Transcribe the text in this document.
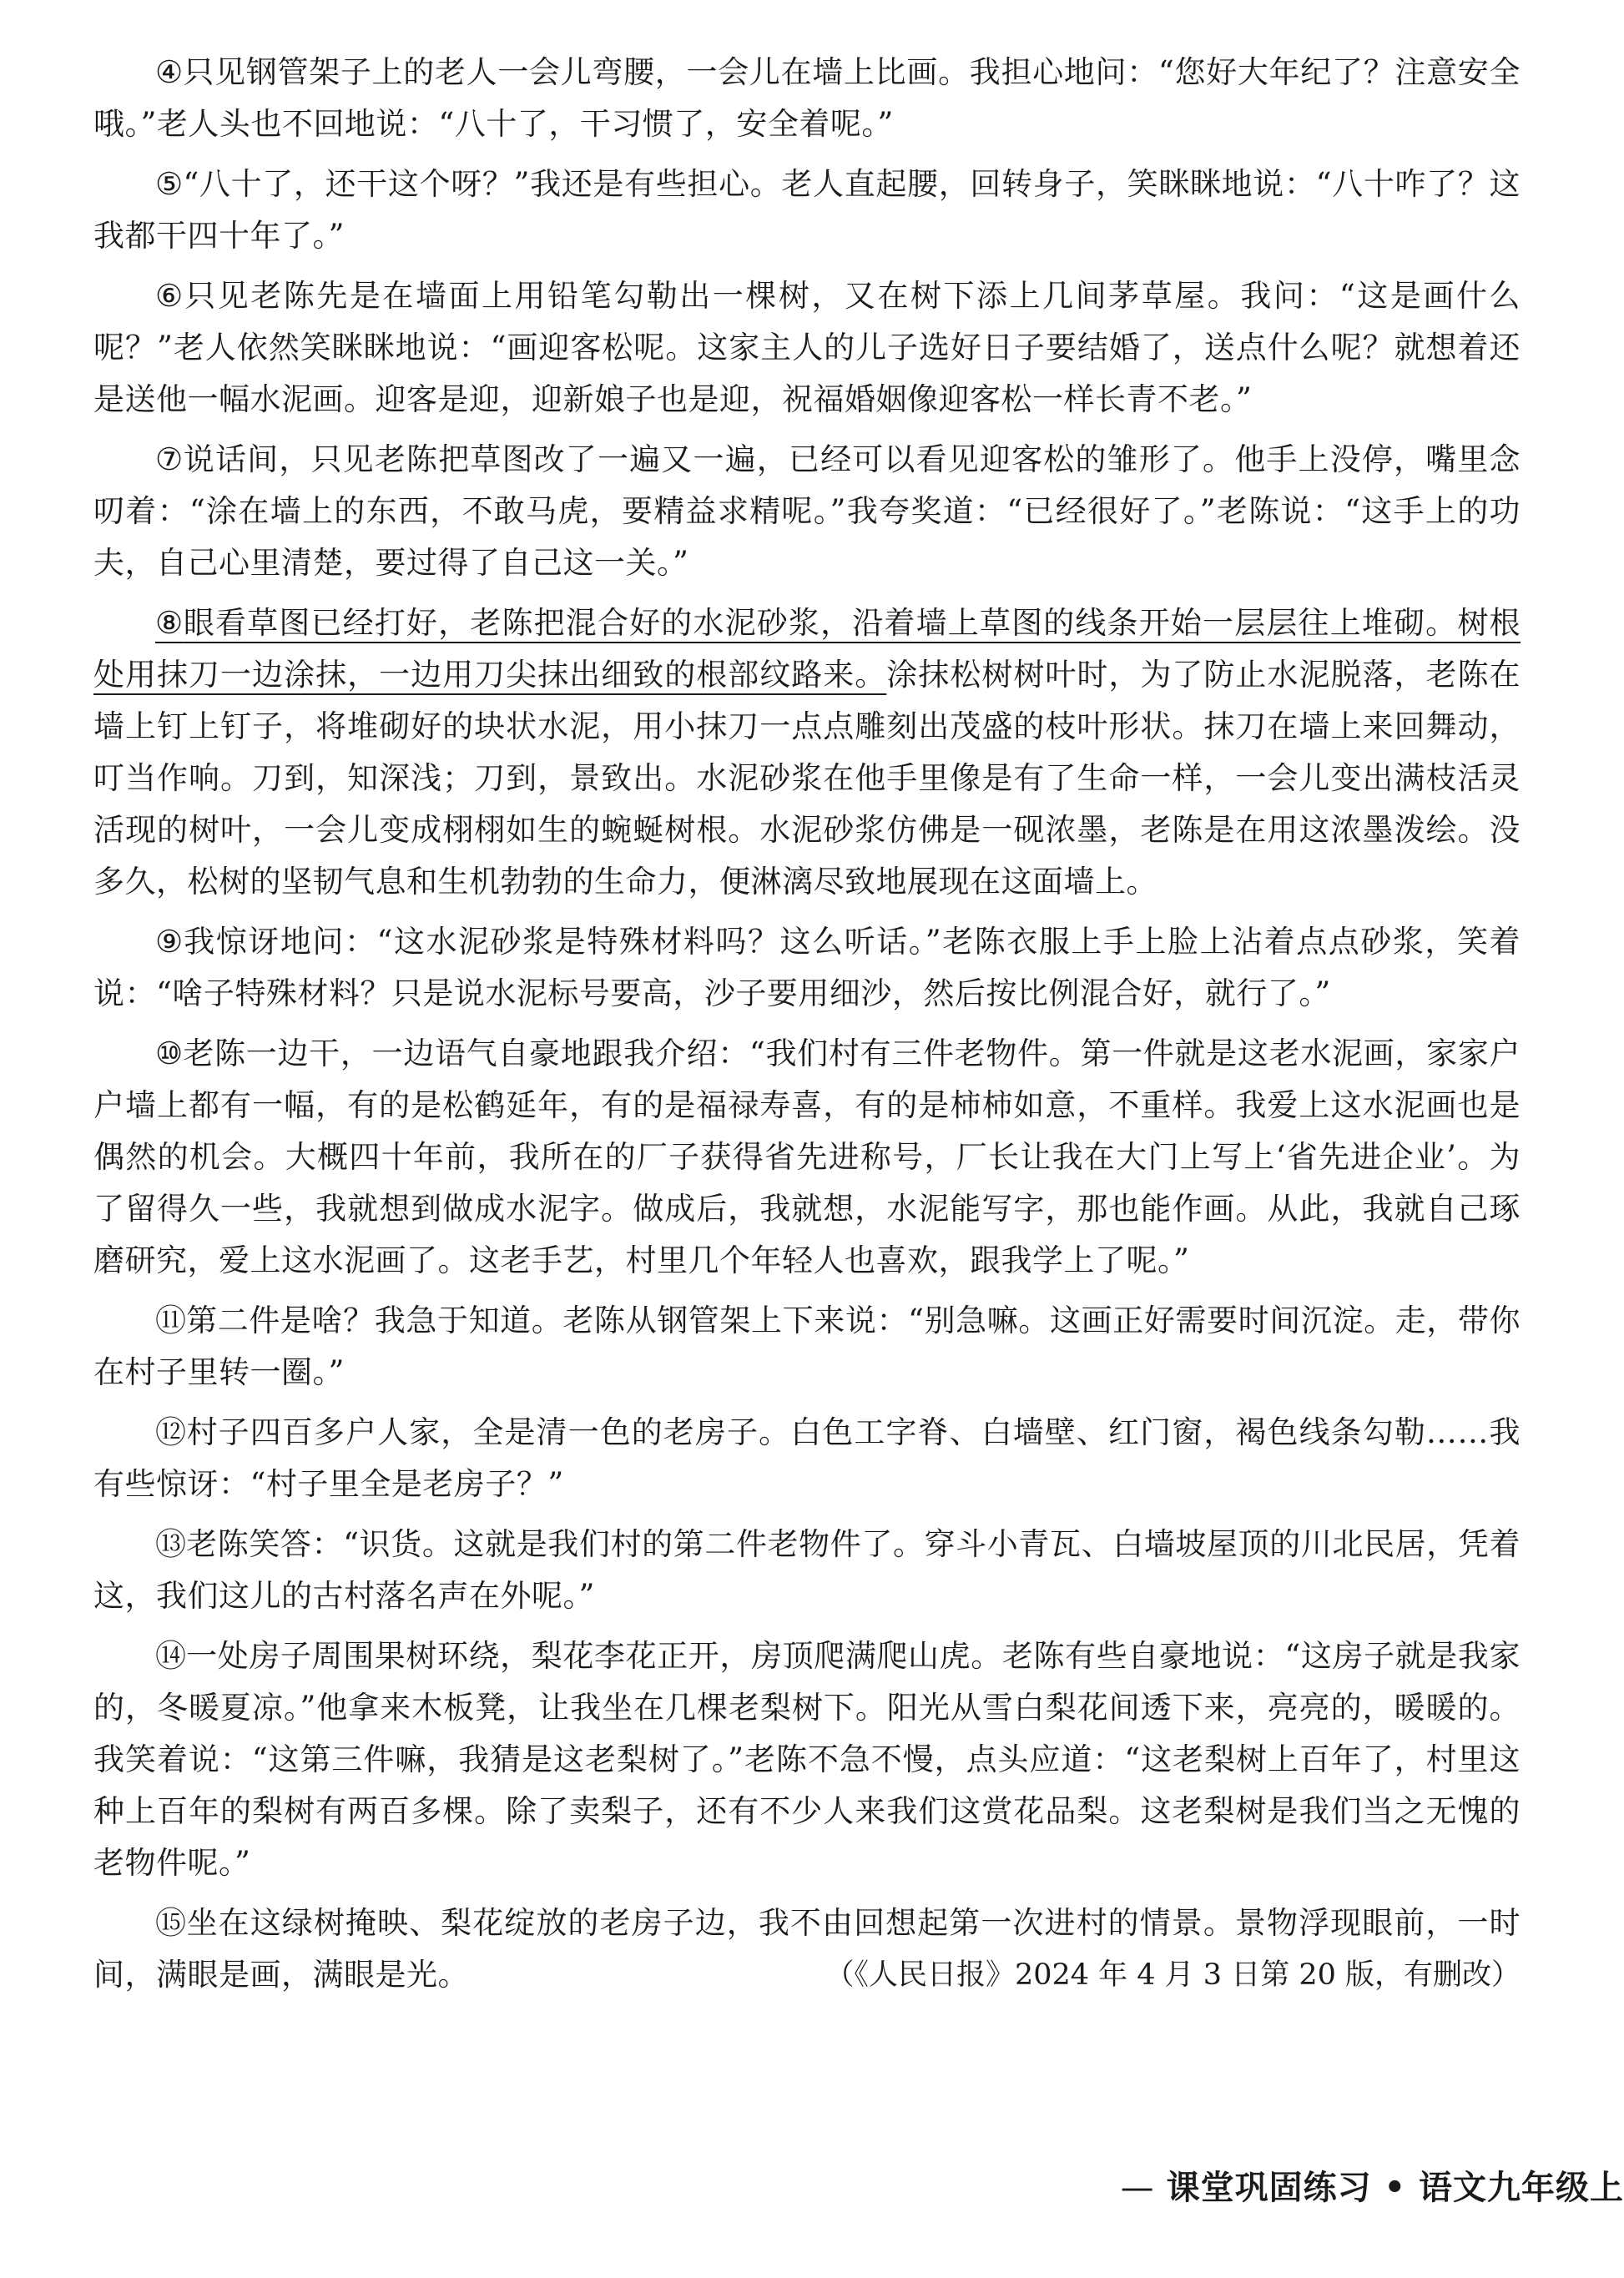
④只见钢管架子上的老人一会儿弯腰，一会儿在墙上比画。我担心地问：“您好大年纪了？注意安全哦。”老人头也不回地说：“八十了，干习惯了，安全着呢。”

⑤“八十了，还干这个呀？”我还是有些担心。老人直起腰，回转身子，笑眯眯地说：“八十咋了？这我都干四十年了。”

⑥只见老陈先是在墙面上用铅笔勾勒出一棵树，又在树下添上几间茅草屋。我问：“这是画什么呢？”老人依然笑眯眯地说：“画迎客松呢。这家主人的儿子选好日子要结婚了，送点什么呢？就想着还是送他一幅水泥画。迎客是迎，迎新娘子也是迎，祝福婚姻像迎客松一样长青不老。”

⑦说话间，只见老陈把草图改了一遍又一遍，已经可以看见迎客松的雏形了。他手上没停，嘴里念叨着：“涂在墙上的东西，不敢马虎，要精益求精呢。”我夸奖道：“已经很好了。”老陈说：“这手上的功夫，自己心里清楚，要过得了自己这一关。”

⑧眼看草图已经打好，老陈把混合好的水泥砂浆，沿着墙上草图的线条开始一层层往上堆砌。树根处用抹刀一边涂抹，一边用刀尖抹出细致的根部纹路来。涂抹松树树叶时，为了防止水泥脱落，老陈在墙上钉上钉子，将堆砌好的块状水泥，用小抹刀一点点雕刻出茂盛的枝叶形状。抹刀在墙上来回舞动，叮当作响。刀到，知深浅；刀到，景致出。水泥砂浆在他手里像是有了生命一样，一会儿变出满枝活灵活现的树叶，一会儿变成栩栩如生的蜿蜒树根。水泥砂浆仿佛是一砚浓墨，老陈是在用这浓墨泼绘。没多久，松树的坚韧气息和生机勃勃的生命力，便淋漓尽致地展现在这面墙上。

⑨我惊讶地问：“这水泥砂浆是特殊材料吗？这么听话。”老陈衣服上手上脸上沾着点点砂浆，笑着说：“啥子特殊材料？只是说水泥标号要高，沙子要用细沙，然后按比例混合好，就行了。”

⑩老陈一边干，一边语气自豪地跟我介绍：“我们村有三件老物件。第一件就是这老水泥画，家家户户墙上都有一幅，有的是松鹤延年，有的是福禄寿喜，有的是柿柿如意，不重样。我爱上这水泥画也是偶然的机会。大概四十年前，我所在的厂子获得省先进称号，厂长让我在大门上写上‘省先进企业’。为了留得久一些，我就想到做成水泥字。做成后，我就想，水泥能写字，那也能作画。从此，我就自己琢磨研究，爱上这水泥画了。这老手艺，村里几个年轻人也喜欢，跟我学上了呢。”

⑪第二件是啥？我急于知道。老陈从钢管架上下来说：“别急嘛。这画正好需要时间沉淀。走，带你在村子里转一圈。”

⑫村子四百多户人家，全是清一色的老房子。白色工字脊、白墙壁、红门窗，褐色线条勾勒……我有些惊讶：“村子里全是老房子？”

⑬老陈笑答：“识货。这就是我们村的第二件老物件了。穿斗小青瓦、白墙坡屋顶的川北民居，凭着这，我们这儿的古村落名声在外呢。”

⑭一处房子周围果树环绕，梨花李花正开，房顶爬满爬山虎。老陈有些自豪地说：“这房子就是我家的，冬暖夏凉。”他拿来木板凳，让我坐在几棵老梨树下。阳光从雪白梨花间透下来，亮亮的，暖暖的。我笑着说：“这第三件嘛，我猜是这老梨树了。”老陈不急不慢，点头应道：“这老梨树上百年了，村里这种上百年的梨树有两百多棵。除了卖梨子，还有不少人来我们这赏花品梨。这老梨树是我们当之无愧的老物件呢。”

⑮坐在这绿树掩映、梨花绽放的老房子边，我不由回想起第一次进村的情景。景物浮现眼前，一时间，满眼是画，满眼是光。	（《人民日报》2024 年 4 月 3 日第 20 版，有删改）

— 课堂巩固练习 • 语文九年级上
